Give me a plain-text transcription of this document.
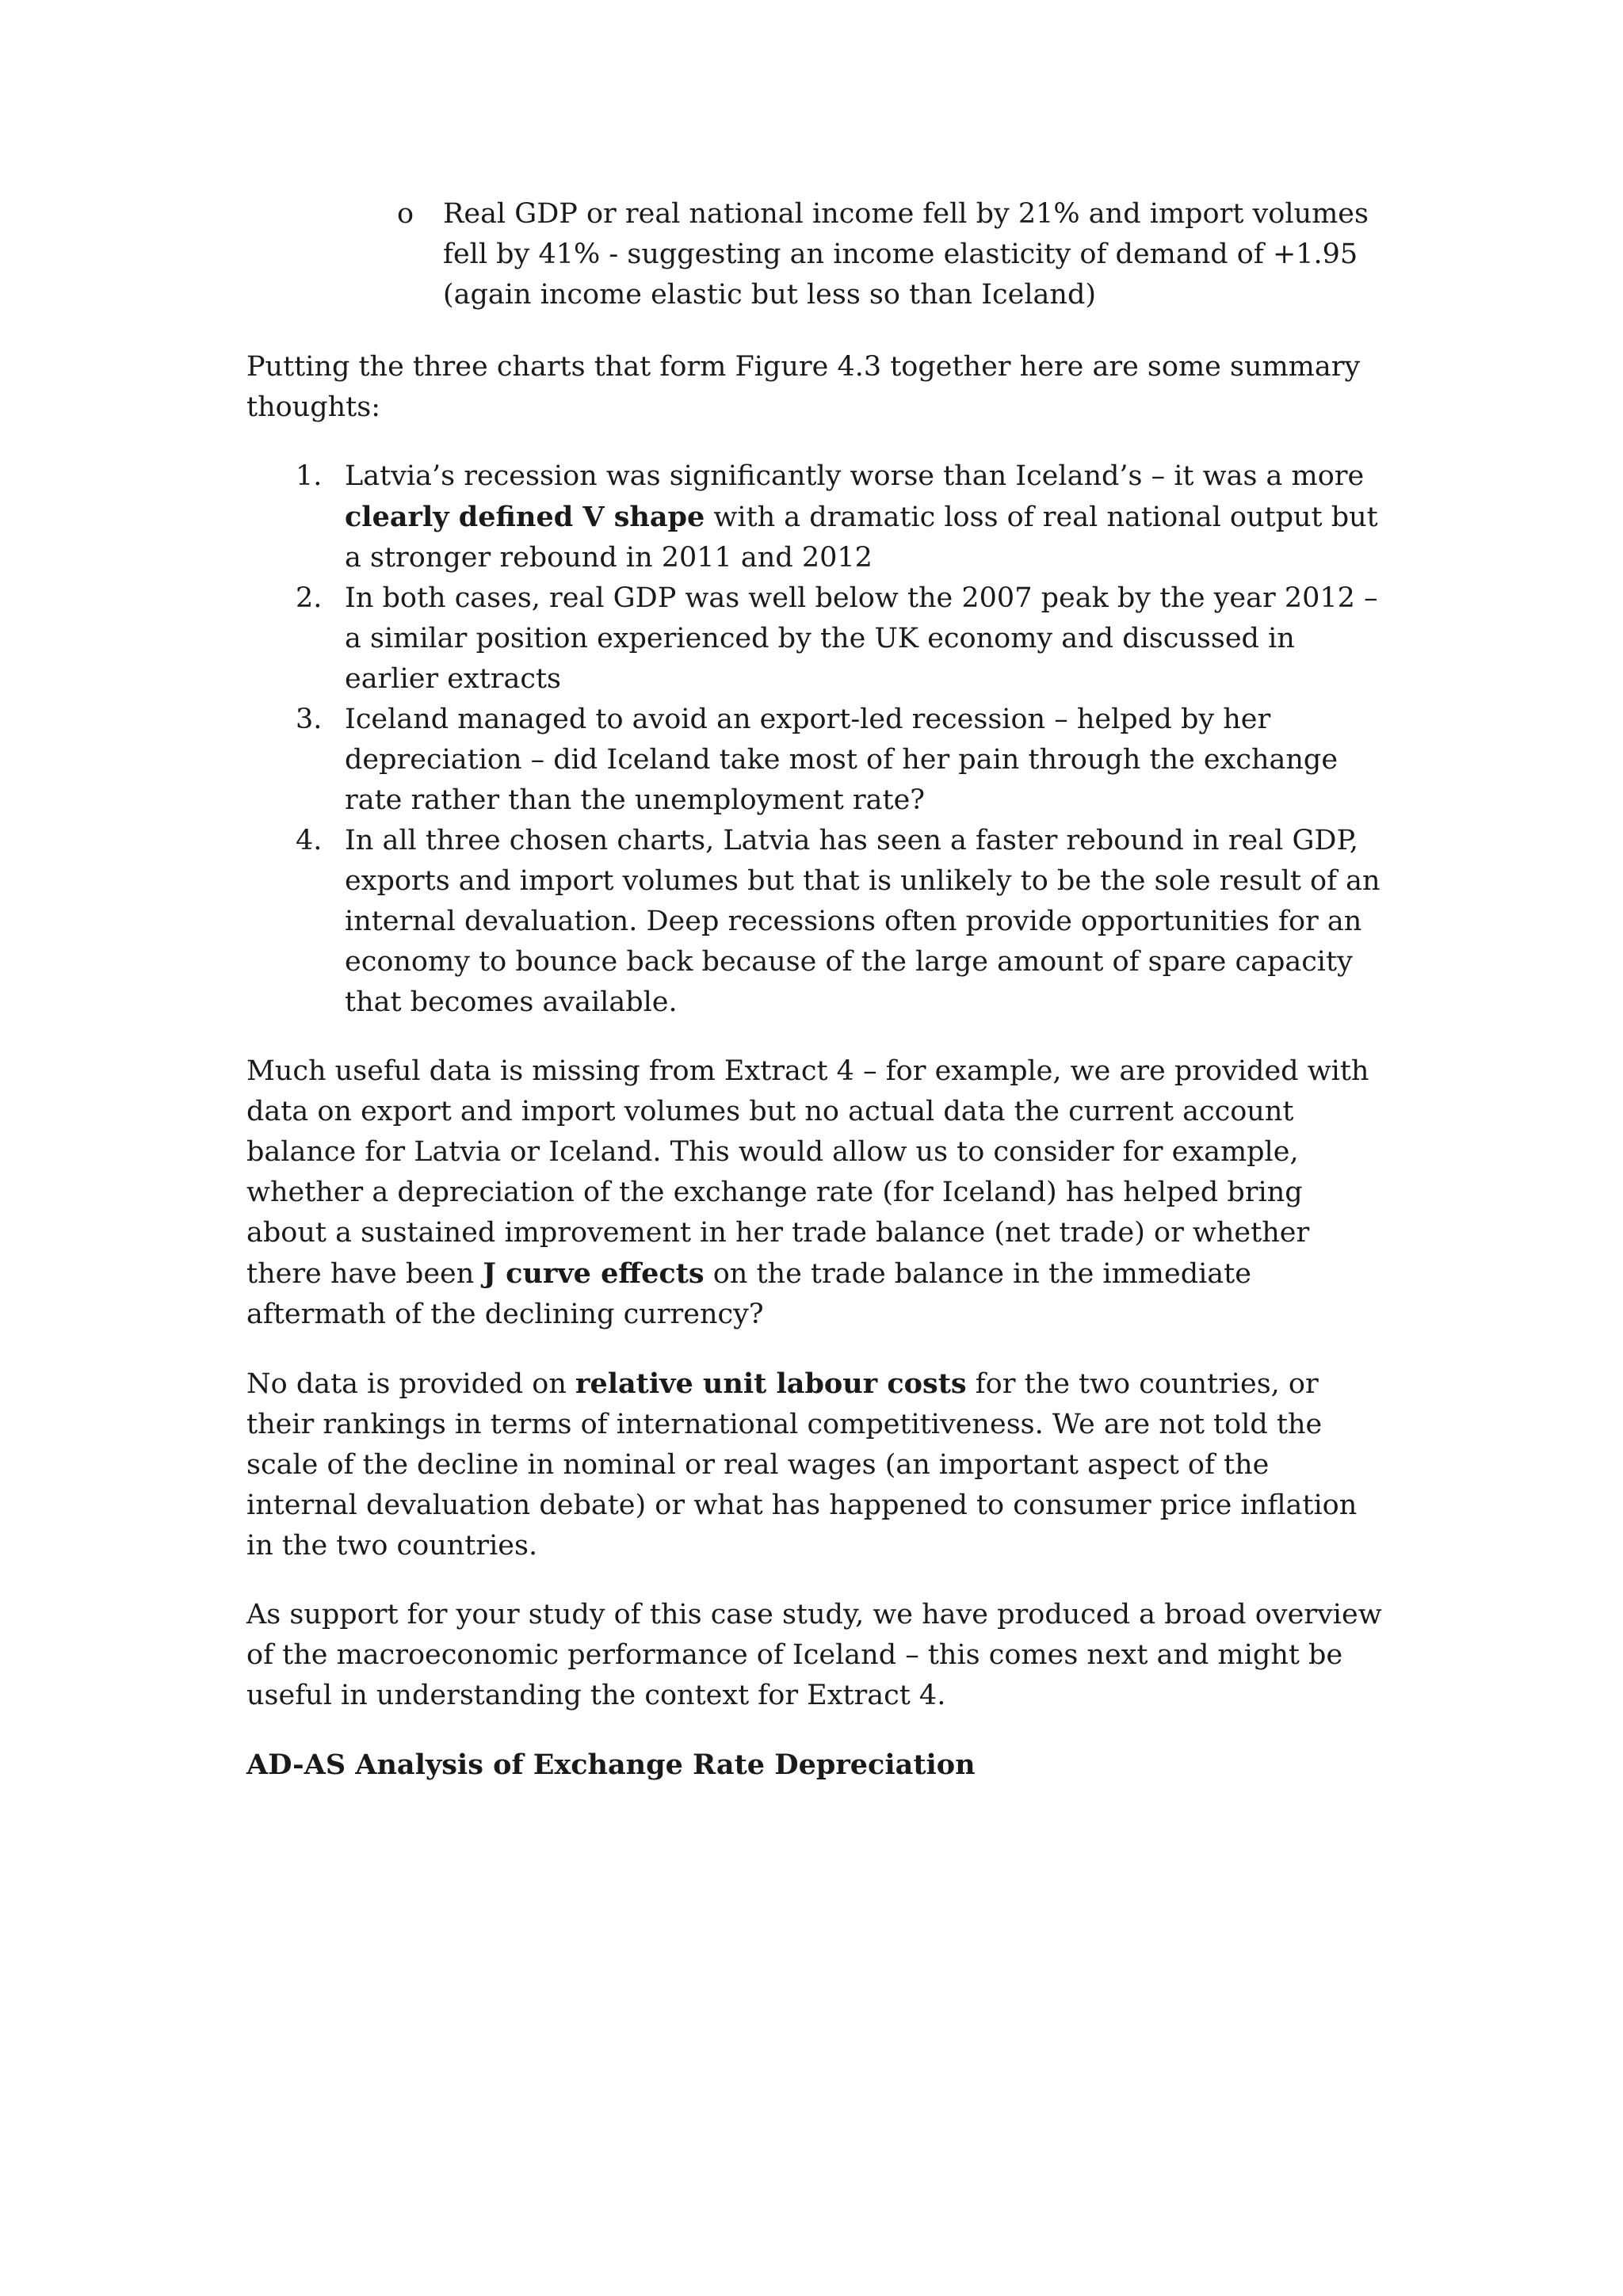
o	Real GDP or real national income fell by 21% and import volumes fell by 41% - suggesting an income elasticity of demand of +1.95 (again income elastic but less so than Iceland)

Putting the three charts that form Figure 4.3 together here are some summary thoughts:

1. Latvia’s recession was significantly worse than Iceland’s – it was a more clearly defined V shape with a dramatic loss of real national output but a stronger rebound in 2011 and 2012
2. In both cases, real GDP was well below the 2007 peak by the year 2012 – a similar position experienced by the UK economy and discussed in earlier extracts
3. Iceland managed to avoid an export-led recession – helped by her depreciation – did Iceland take most of her pain through the exchange rate rather than the unemployment rate?
4. In all three chosen charts, Latvia has seen a faster rebound in real GDP, exports and import volumes but that is unlikely to be the sole result of an internal devaluation. Deep recessions often provide opportunities for an economy to bounce back because of the large amount of spare capacity that becomes available.

Much useful data is missing from Extract 4 – for example, we are provided with data on export and import volumes but no actual data the current account balance for Latvia or Iceland. This would allow us to consider for example, whether a depreciation of the exchange rate (for Iceland) has helped bring about a sustained improvement in her trade balance (net trade) or whether there have been J curve effects on the trade balance in the immediate aftermath of the declining currency?

No data is provided on relative unit labour costs for the two countries, or their rankings in terms of international competitiveness. We are not told the scale of the decline in nominal or real wages (an important aspect of the internal devaluation debate) or what has happened to consumer price inflation in the two countries.

As support for your study of this case study, we have produced a broad overview of the macroeconomic performance of Iceland – this comes next and might be useful in understanding the context for Extract 4.

AD-AS Analysis of Exchange Rate Depreciation
